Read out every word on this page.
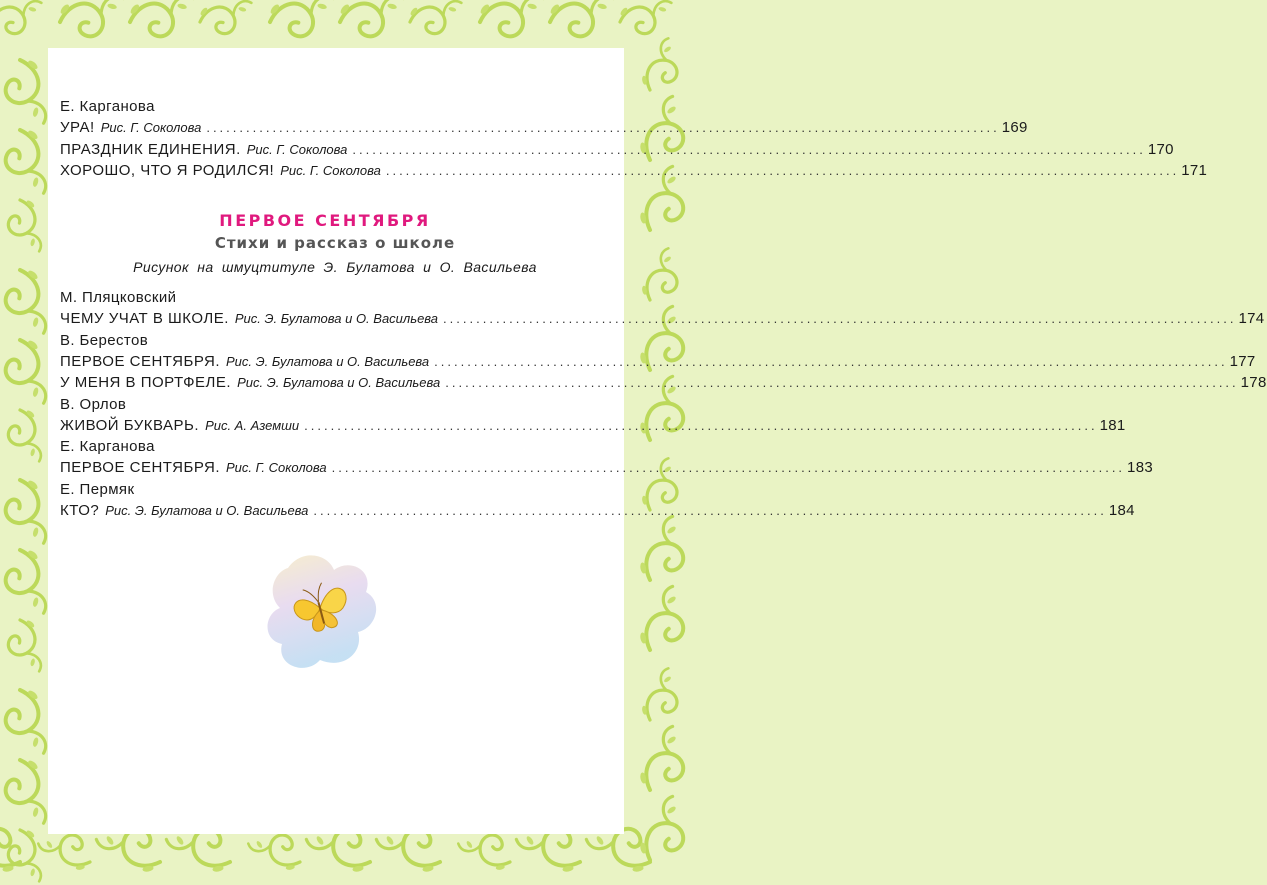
Е. Карганова
УРА! Рис. Г. Соколова ........................................................................................................................ 169
ПРАЗДНИК ЕДИНЕНИЯ. Рис. Г. Соколова ........................................................................................................................ 170
ХОРОШО, ЧТО Я РОДИЛСЯ! Рис. Г. Соколова ........................................................................................................................ 171
ПЕРВОЕ СЕНТЯБРЯ
Стихи и рассказ о школе
Рисунок на шмуцтитуле Э. Булатова и О. Васильева
М. Пляцковский
ЧЕМУ УЧАТ В ШКОЛЕ. Рис. Э. Булатова и О. Васильева ........................................................................................................................ 174
В. Берестов
ПЕРВОЕ СЕНТЯБРЯ. Рис. Э. Булатова и О. Васильева ........................................................................................................................ 177
У МЕНЯ В ПОРТФЕЛЕ. Рис. Э. Булатова и О. Васильева ........................................................................................................................ 178
В. Орлов
ЖИВОЙ БУКВАРЬ. Рис. А. Аземши ........................................................................................................................ 181
Е. Карганова
ПЕРВОЕ СЕНТЯБРЯ. Рис. Г. Соколова ........................................................................................................................ 183
Е. Пермяк
КТО? Рис. Э. Булатова и О. Васильева ........................................................................................................................ 184
